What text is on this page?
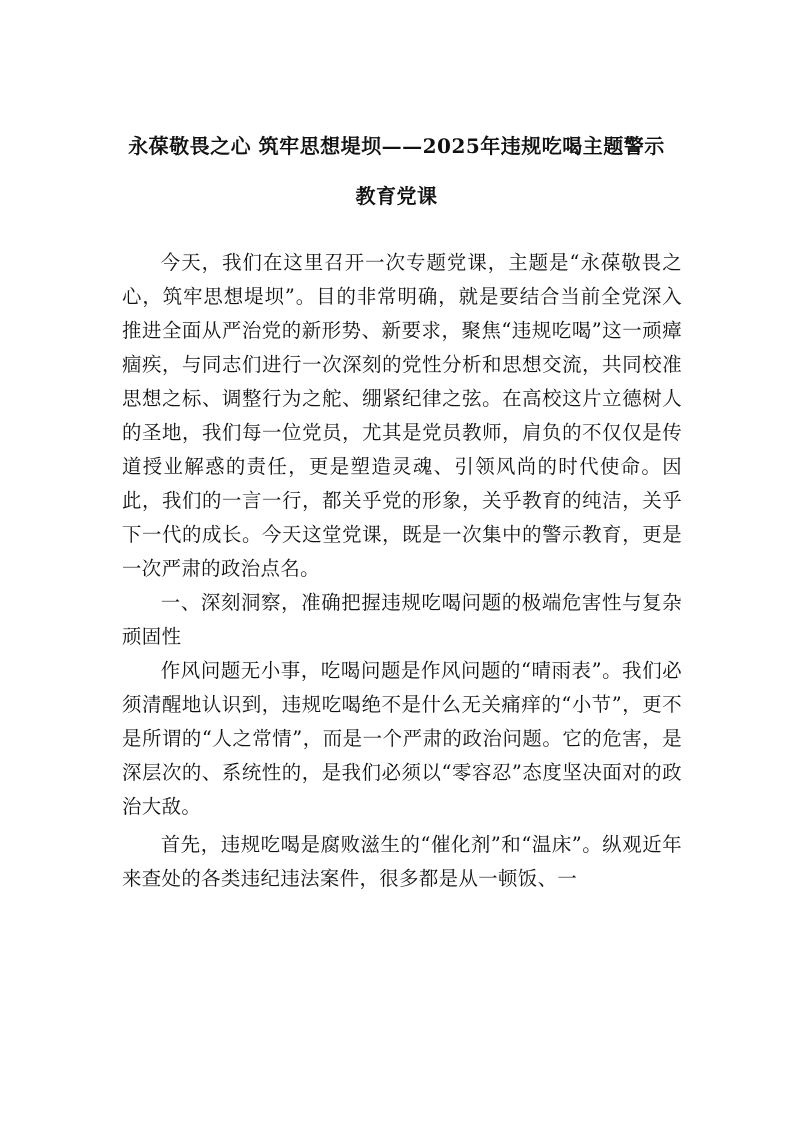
永葆敬畏之心 筑牢思想堤坝——2025年违规吃喝主题警示
教育党课

今天，我们在这里召开一次专题党课，主题是“永葆敬畏之心，筑牢思想堤坝”。目的非常明确，就是要结合当前全党深入推进全面从严治党的新形势、新要求，聚焦“违规吃喝”这一顽瘴痼疾，与同志们进行一次深刻的党性分析和思想交流，共同校准思想之标、调整行为之舵、绷紧纪律之弦。在高校这片立德树人的圣地，我们每一位党员，尤其是党员教师，肩负的不仅仅是传道授业解惑的责任，更是塑造灵魂、引领风尚的时代使命。因此，我们的一言一行，都关乎党的形象，关乎教育的纯洁，关乎下一代的成长。今天这堂党课，既是一次集中的警示教育，更是一次严肃的政治点名。

一、深刻洞察，准确把握违规吃喝问题的极端危害性与复杂顽固性

作风问题无小事，吃喝问题是作风问题的“晴雨表”。我们必须清醒地认识到，违规吃喝绝不是什么无关痛痒的“小节”，更不是所谓的“人之常情”，而是一个严肃的政治问题。它的危害，是深层次的、系统性的，是我们必须以“零容忍”态度坚决面对的政治大敌。

首先，违规吃喝是腐败滋生的“催化剂”和“温床”。纵观近年来查处的各类违纪违法案件，很多都是从一顿饭、一
